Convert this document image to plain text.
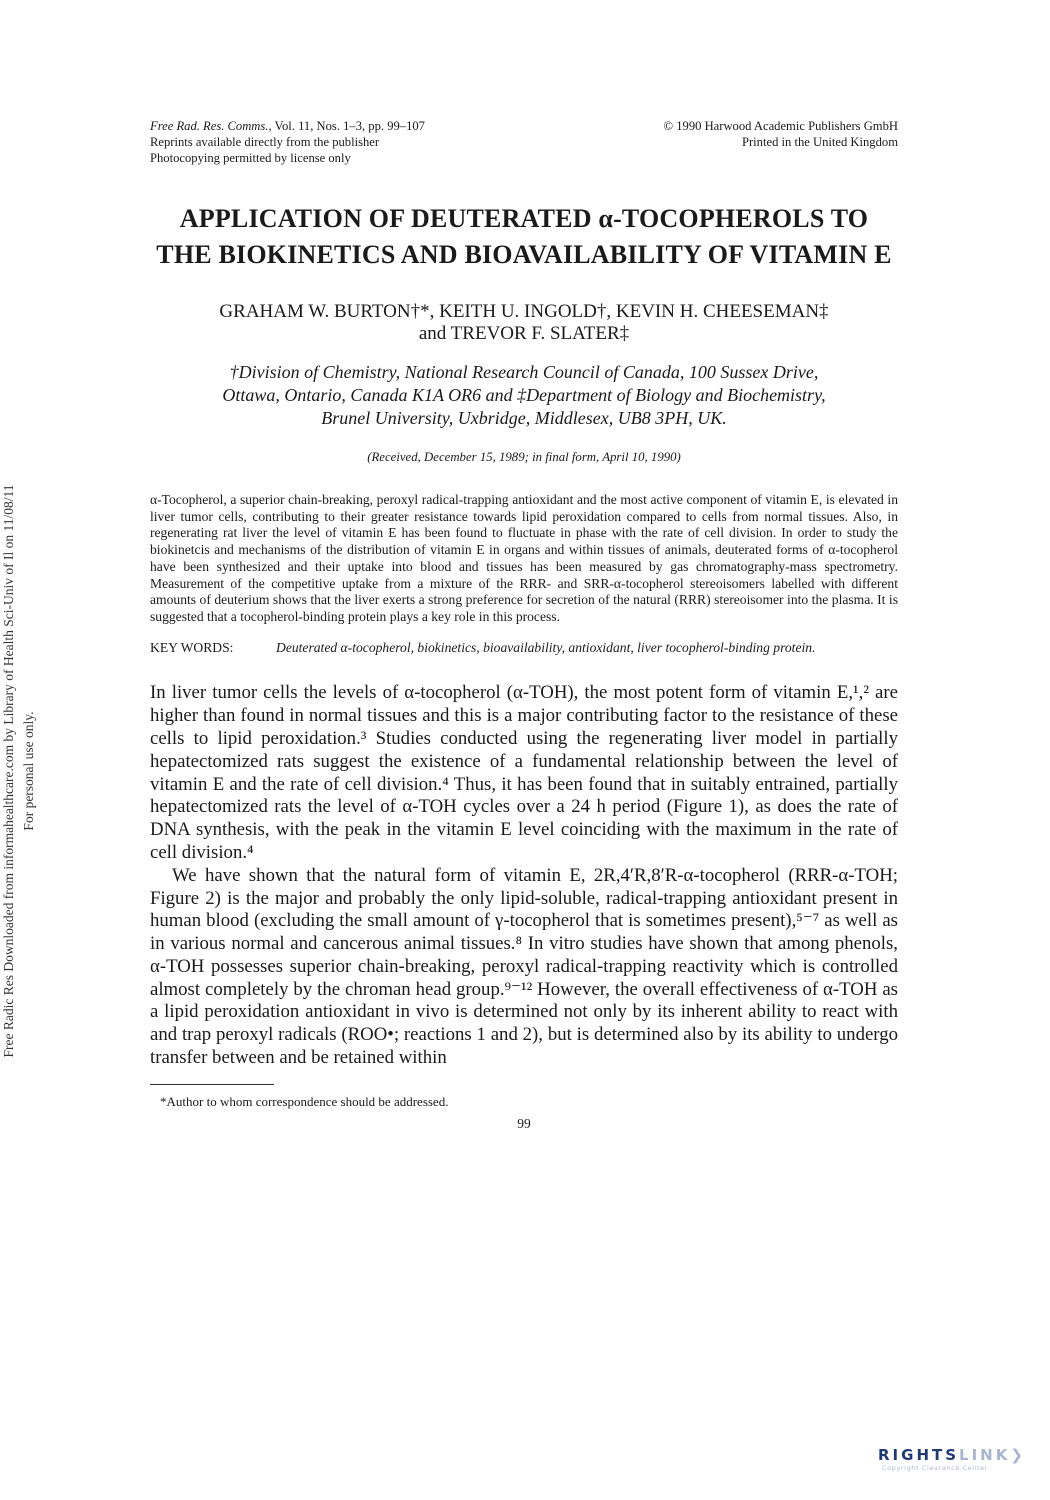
Free Radic Res Downloaded from informahealthcare.com by Library of Health Sci-Univ of Il on 11/08/11 For personal use only.
Free Rad. Res. Comms., Vol. 11, Nos. 1–3, pp. 99–107
Reprints available directly from the publisher
Photocopying permitted by license only
© 1990 Harwood Academic Publishers GmbH
Printed in the United Kingdom
APPLICATION OF DEUTERATED α-TOCOPHEROLS TO THE BIOKINETICS AND BIOAVAILABILITY OF VITAMIN E
GRAHAM W. BURTON†*, KEITH U. INGOLD†, KEVIN H. CHEESEMAN‡
and TREVOR F. SLATER‡
†Division of Chemistry, National Research Council of Canada, 100 Sussex Drive,
Ottawa, Ontario, Canada K1A OR6 and ‡Department of Biology and Biochemistry,
Brunel University, Uxbridge, Middlesex, UB8 3PH, UK.
(Received, December 15, 1989; in final form, April 10, 1990)
α-Tocopherol, a superior chain-breaking, peroxyl radical-trapping antioxidant and the most active component of vitamin E, is elevated in liver tumor cells, contributing to their greater resistance towards lipid peroxidation compared to cells from normal tissues. Also, in regenerating rat liver the level of vitamin E has been found to fluctuate in phase with the rate of cell division. In order to study the biokinetcis and mechanisms of the distribution of vitamin E in organs and within tissues of animals, deuterated forms of α-tocopherol have been synthesized and their uptake into blood and tissues has been measured by gas chromatography-mass spectrometry. Measurement of the competitive uptake from a mixture of the RRR- and SRR-α-tocopherol stereoisomers labelled with different amounts of deuterium shows that the liver exerts a strong preference for secretion of the natural (RRR) stereoisomer into the plasma. It is suggested that a tocopherol-binding protein plays a key role in this process.
KEY WORDS:	Deuterated α-tocopherol, biokinetics, bioavailability, antioxidant, liver tocopherol-binding protein.

In liver tumor cells the levels of α-tocopherol (α-TOH), the most potent form of vitamin E,¹,² are higher than found in normal tissues and this is a major contributing factor to the resistance of these cells to lipid peroxidation.³ Studies conducted using the regenerating liver model in partially hepatectomized rats suggest the existence of a fundamental relationship between the level of vitamin E and the rate of cell division.⁴ Thus, it has been found that in suitably entrained, partially hepatectomized rats the level of α-TOH cycles over a 24 h period (Figure 1), as does the rate of DNA synthesis, with the peak in the vitamin E level coinciding with the maximum in the rate of cell division.⁴

We have shown that the natural form of vitamin E, 2R,4′R,8′R-α-tocopherol (RRR-α-TOH; Figure 2) is the major and probably the only lipid-soluble, radical-trapping antioxidant present in human blood (excluding the small amount of γ-tocopherol that is sometimes present),⁵⁻⁷ as well as in various normal and cancerous animal tissues.⁸ In vitro studies have shown that among phenols, α-TOH possesses superior chain-breaking, peroxyl radical-trapping reactivity which is controlled almost completely by the chroman head group.⁹⁻¹² However, the overall effectiveness of α-TOH as a lipid peroxidation antioxidant in vivo is determined not only by its inherent ability to react with and trap peroxyl radicals (ROO•; reactions 1 and 2), but is determined also by its ability to undergo transfer between and be retained within

*Author to whom correspondence should be addressed.
99
RIGHTSLINK❯
Copyright Clearance Center
